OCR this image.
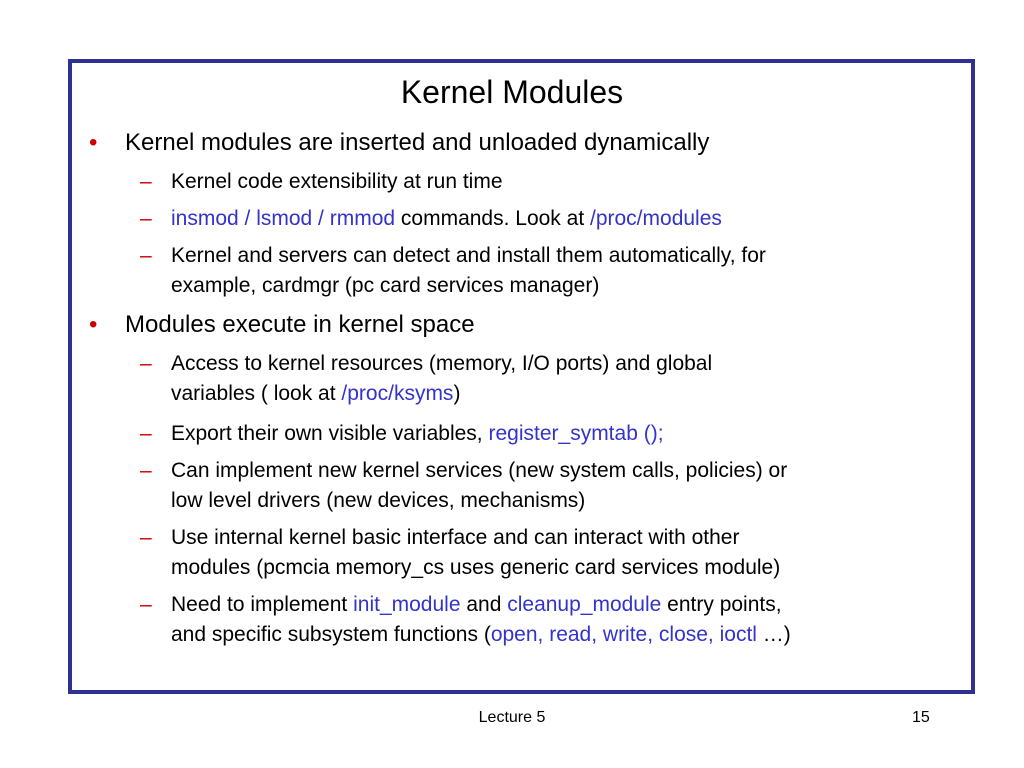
Kernel Modules
• Kernel modules are inserted and unloaded dynamically
– Kernel code extensibility at run time
– insmod / lsmod / rmmod commands. Look at /proc/modules
– Kernel and servers can detect and install them automatically, for
example, cardmgr (pc card services manager)
• Modules execute in kernel space
– Access to kernel resources (memory, I/O ports) and global
variables ( look at /proc/ksyms)
– Export their own visible variables, register_symtab ();
– Can implement new kernel services (new system calls, policies) or
low level drivers (new devices, mechanisms)
– Use internal kernel basic interface and can interact with other
modules (pcmcia memory_cs uses generic card services module)
– Need to implement init_module and cleanup_module entry points,
and specific subsystem functions (open, read, write, close, ioctl …)
Lecture 5	15
